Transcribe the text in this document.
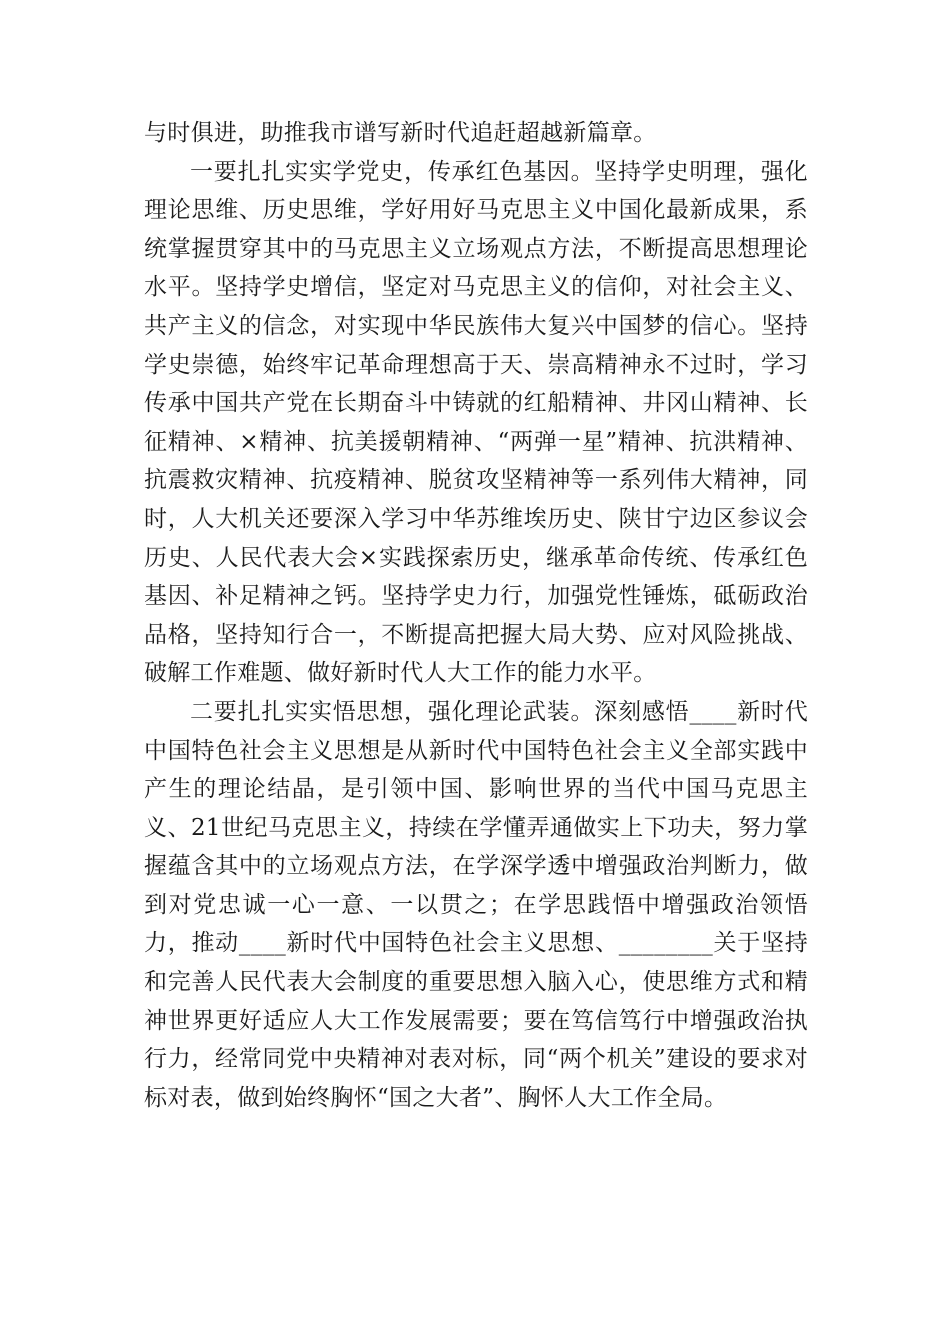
与时俱进，助推我市谱写新时代追赶超越新篇章。

一要扎扎实实学党史，传承红色基因。坚持学史明理，强化理论思维、历史思维，学好用好马克思主义中国化最新成果，系统掌握贯穿其中的马克思主义立场观点方法，不断提高思想理论水平。坚持学史增信，坚定对马克思主义的信仰，对社会主义、共产主义的信念，对实现中华民族伟大复兴中国梦的信心。坚持学史崇德，始终牢记革命理想高于天、崇高精神永不过时，学习传承中国共产党在长期奋斗中铸就的红船精神、井冈山精神、长征精神、×精神、抗美援朝精神、“两弹一星”精神、抗洪精神、抗震救灾精神、抗疫精神、脱贫攻坚精神等一系列伟大精神，同时，人大机关还要深入学习中华苏维埃历史、陕甘宁边区参议会历史、人民代表大会×实践探索历史，继承革命传统、传承红色基因、补足精神之钙。坚持学史力行，加强党性锤炼，砥砺政治品格，坚持知行合一，不断提高把握大局大势、应对风险挑战、破解工作难题、做好新时代人大工作的能力水平。

二要扎扎实实悟思想，强化理论武装。深刻感悟____新时代中国特色社会主义思想是从新时代中国特色社会主义全部实践中产生的理论结晶，是引领中国、影响世界的当代中国马克思主义、21世纪马克思主义，持续在学懂弄通做实上下功夫，努力掌握蕴含其中的立场观点方法，在学深学透中增强政治判断力，做到对党忠诚一心一意、一以贯之；在学思践悟中增强政治领悟力，推动____新时代中国特色社会主义思想、________关于坚持和完善人民代表大会制度的重要思想入脑入心，使思维方式和精神世界更好适应人大工作发展需要；要在笃信笃行中增强政治执行力，经常同党中央精神对表对标，同“两个机关”建设的要求对标对表，做到始终胸怀“国之大者”、胸怀人大工作全局。
